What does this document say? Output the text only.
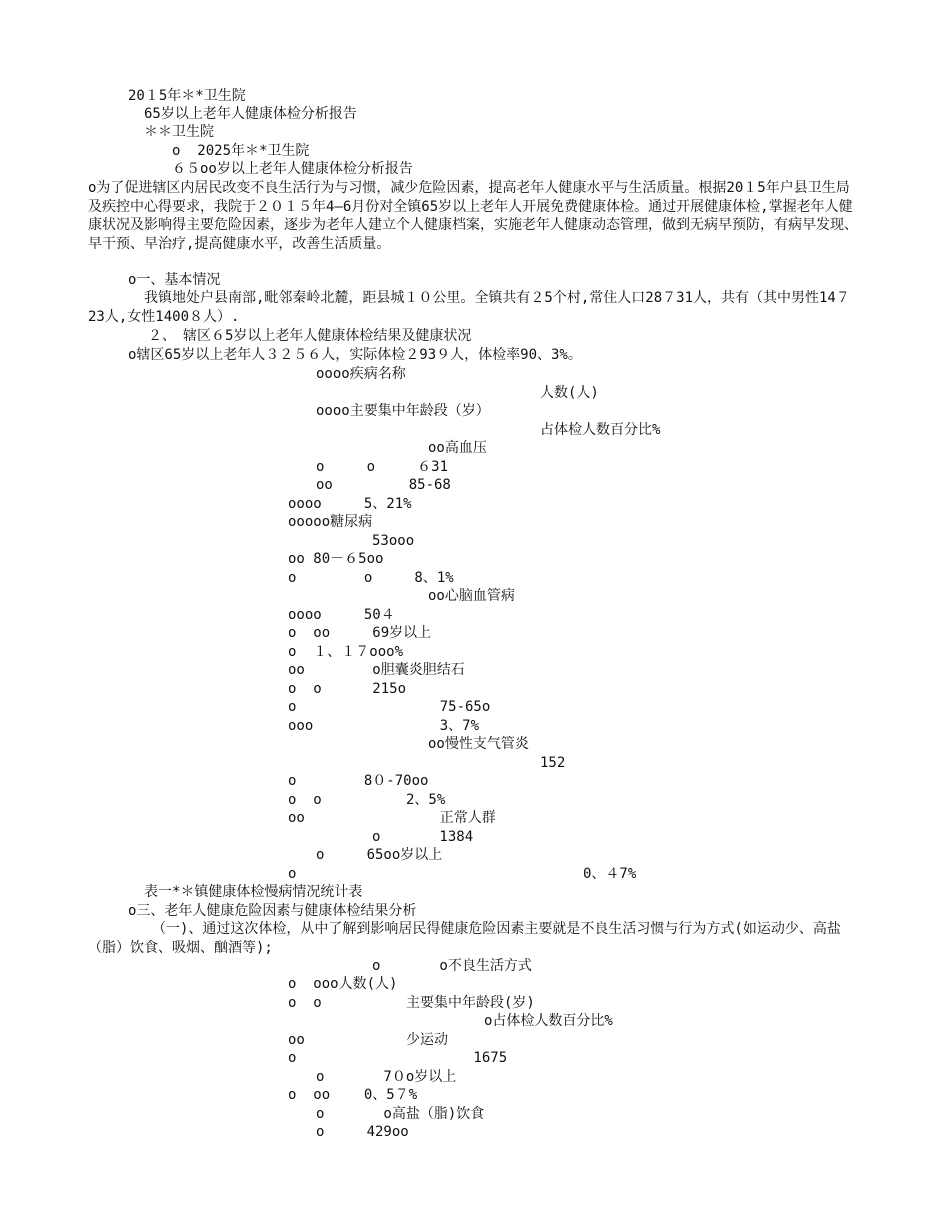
20１5年＊*卫生院
65岁以上老年人健康体检分析报告
＊＊卫生院
o  2025年＊*卫生院
６５oo岁以上老年人健康体检分析报告
o为了促进辖区内居民改变不良生活行为与习惯，减少危险因素，提高老年人健康水平与生活质量。根据20１5年户县卫生局及疾控中心得要求，我院于２０１５年4—6月份对全镇65岁以上老年人开展免费健康体检。通过开展健康体检,掌握老年人健康状况及影响得主要危险因素，逐步为老年人建立个人健康档案，实施老年人健康动态管理，做到无病早预防，有病早发现、早干预、早治疗,提高健康水平，改善生活质量。
o一、基本情况
我镇地处户县南部,毗邻秦岭北麓，距县城１０公里。全镇共有２5个村,常住人口28７31人，共有（其中男性14７23人,女性1400８人）.
２、　辖区６5岁以上老年人健康体检结果及健康状况
o辖区65岁以上老年人３２５６人，实际体检２93９人，体检率90、3%。
oooo疾病名称
人数(人)
oooo主要集中年龄段（岁）
占体检人数百分比%
oo高血压
o     o     ６31
oo         85-68
oooo     5、21%
ooooo糖尿病
53ooo
oo 80－６5oo
o        o     8、1%
oo心脑血管病
oooo     50４
o  oo     69岁以上
o  １、１７ooo%
oo        o胆囊炎胆结石
o  o      215o
o                 75-65o
ooo               3、7%
oo慢性支气管炎
152
o        8０-70oo
o  o          2、5%
oo                正常人群
o       1384
o     65oo岁以上
o                                  0、４7%
表一*＊镇健康体检慢病情况统计表
o三、老年人健康危险因素与健康体检结果分析
（一)、通过这次体检，从中了解到影响居民得健康危险因素主要就是不良生活习惯与行为方式(如运动少、高盐（脂）饮食、吸烟、酗酒等);
o       o不良生活方式
o  ooo人数(人)
o  o          主要集中年龄段(岁)
o占体检人数百分比%
oo            少运动
o                     1675
o       7０o岁以上
o  oo    0、5７%
o       o高盐（脂)饮食
o     429oo
